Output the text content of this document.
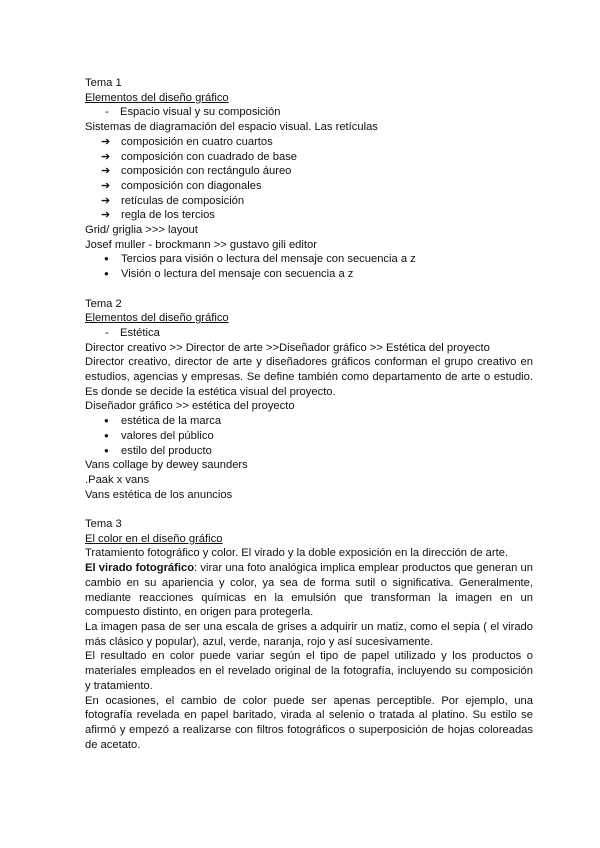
Tema 1
Elementos del diseño gráfico
- Espacio visual y su composición
Sistemas de diagramación del espacio visual. Las retículas
➔ composición en cuatro cuartos
➔ composición con cuadrado de base
➔ composición con rectángulo áureo
➔ composición con diagonales
➔ retículas de composición
➔ regla de los tercios
Grid/ griglia >>> layout
Josef muller - brockmann >> gustavo gili editor
● Tercios para visión o lectura del mensaje con secuencia a z
● Visión o lectura del mensaje con secuencia a z
Tema 2
Elementos del diseño gráfico
- Estética
Director creativo >> Director de arte >>Diseñador gráfico >> Estética del proyecto
Director creativo, director de arte y diseñadores gráficos conforman el grupo creativo en estudios, agencias y empresas. Se define también como departamento de arte o estudio. Es donde se decide la estética visual del proyecto.
Diseñador gráfico >> estética del proyecto
● estética de la marca
● valores del público
● estilo del producto
Vans collage by dewey saunders
.Paak x vans
Vans estética de los anuncios
Tema 3
El color en el diseño gráfico
Tratamiento fotográfico y color. El virado y la doble exposición en la dirección de arte.
El virado fotográfico: virar una foto analógica implica emplear productos que generan un cambio en su apariencia y color, ya sea de forma sutil o significativa. Generalmente, mediante reacciones químicas en la emulsión que transforman la imagen en un compuesto distinto, en origen para protegerla.
La imagen pasa de ser una escala de grises a adquirir un matiz, como el sepia ( el virado más clásico y popular), azul, verde, naranja, rojo y así sucesivamente.
El resultado en color puede variar según el tipo de papel utilizado y los productos o materiales empleados en el revelado original de la fotografía, incluyendo su composición y tratamiento.
En ocasiones, el cambio de color puede ser apenas perceptible. Por ejemplo, una fotografía revelada en papel baritado, virada al selenio o tratada al platino. Su estilo se afirmó y empezó a realizarse con filtros fotográficos o superposición de hojas coloreadas de acetato.
